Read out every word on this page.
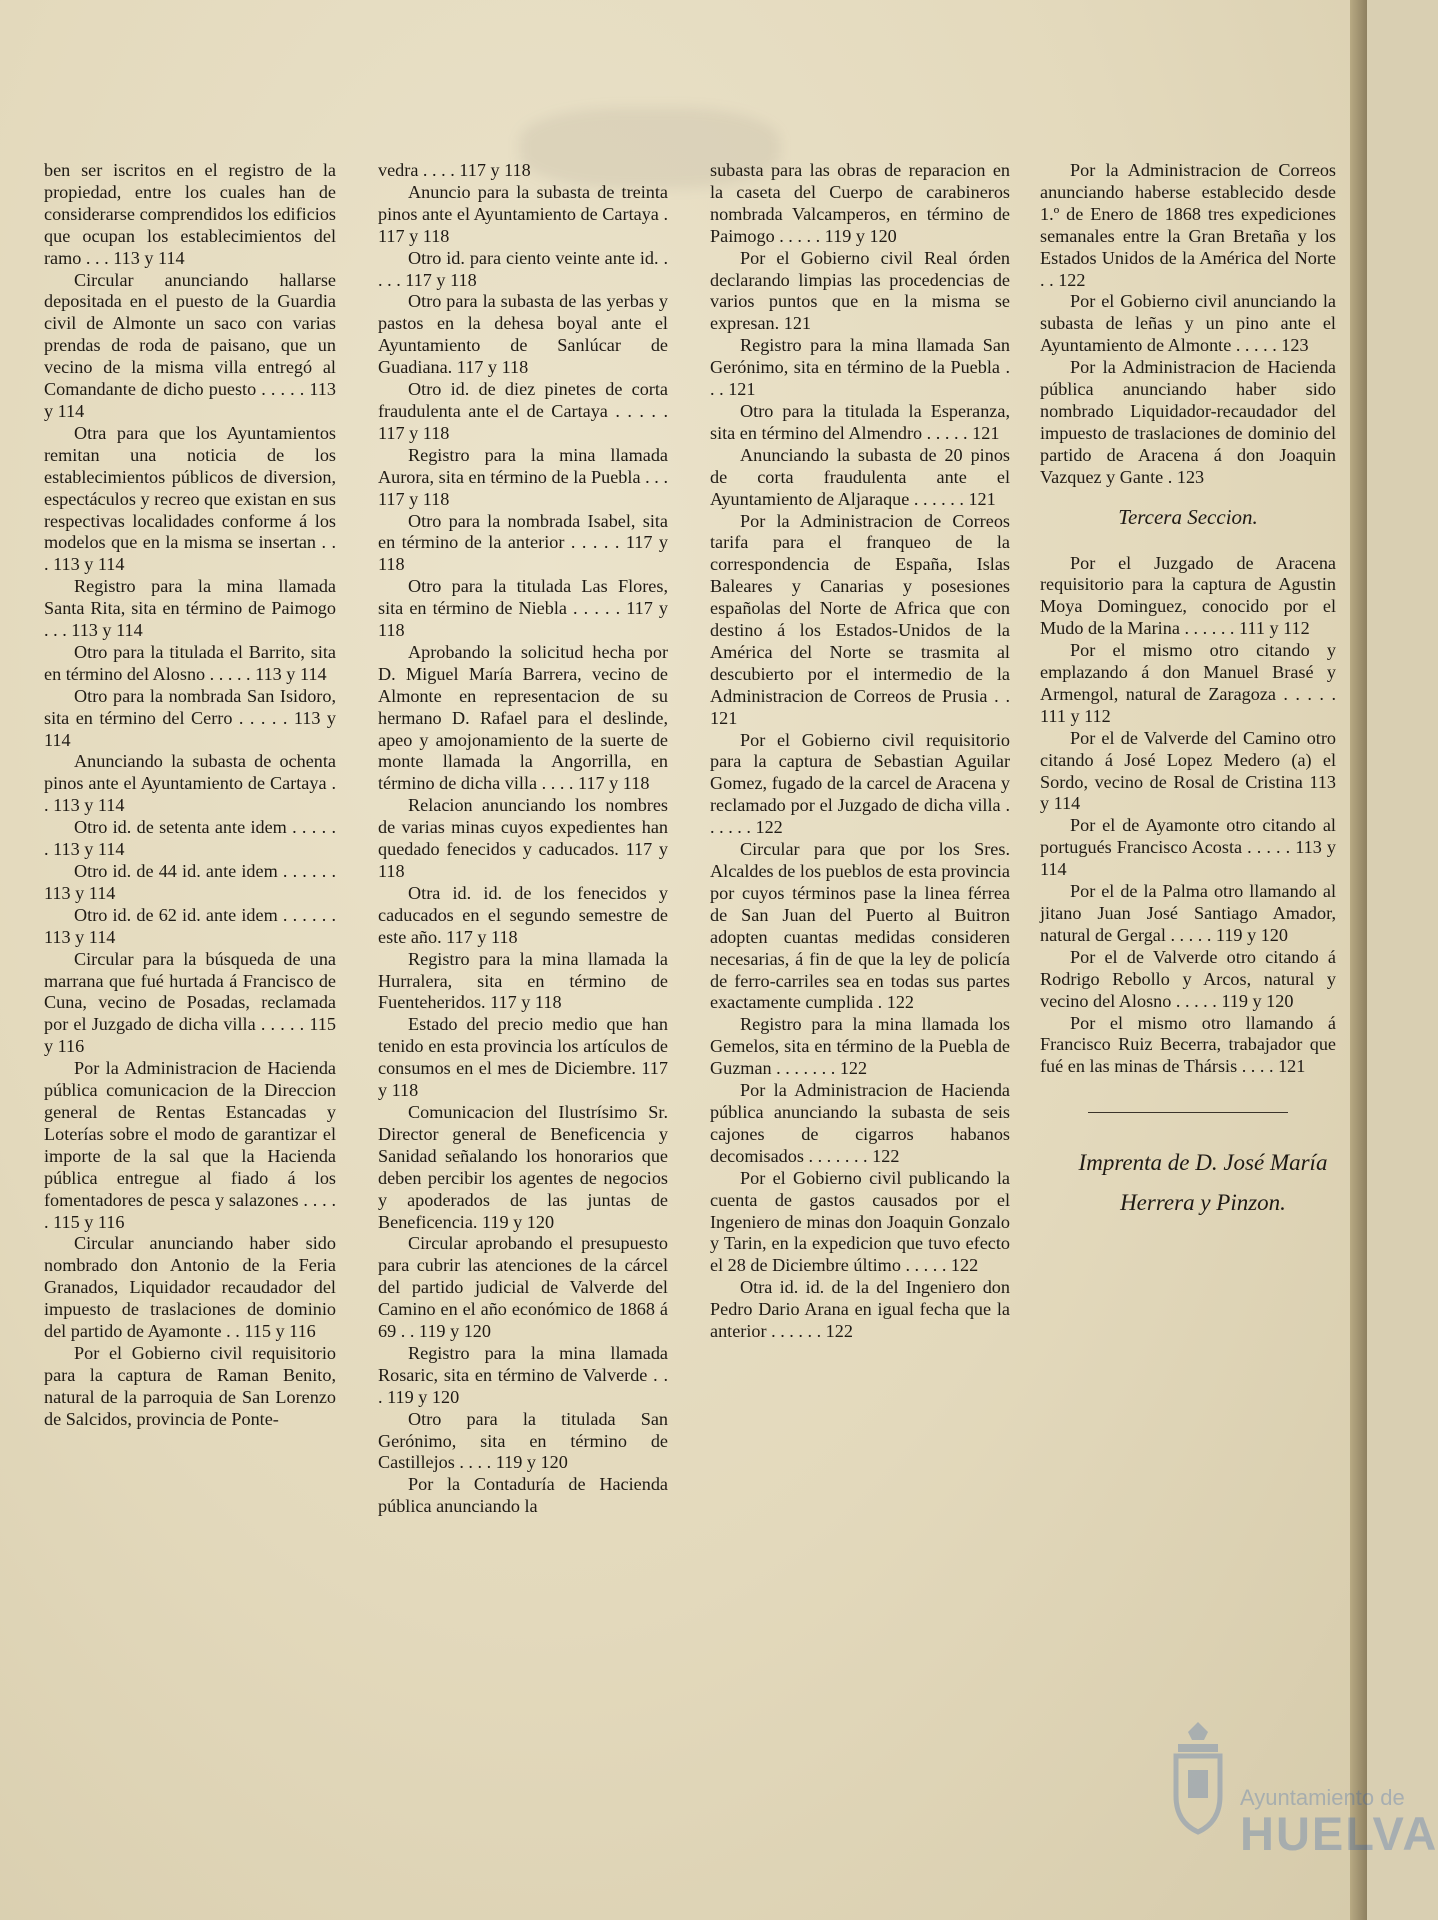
ben ser iscritos en el registro de la propiedad, entre los cuales han de considerarse comprendidos los edificios que ocupan los establecimientos del ramo . . . 113 y 114

Circular anunciando hallarse depositada en el puesto de la Guardia civil de Almonte un saco con varias prendas de roda de paisano, que un vecino de la misma villa entregó al Comandante de dicho puesto . . . . . 113 y 114

Otra para que los Ayuntamientos remitan una noticia de los establecimientos públicos de diversion, espectáculos y recreo que existan en sus respectivas localidades conforme á los modelos que en la misma se insertan . . . 113 y 114

Registro para la mina llamada Santa Rita, sita en término de Paimogo . . . 113 y 114

Otro para la titulada el Barrito, sita en término del Alosno . . . . . 113 y 114

Otro para la nombrada San Isidoro, sita en término del Cerro . . . . . 113 y 114

Anunciando la subasta de ochenta pinos ante el Ayuntamiento de Cartaya . . 113 y 114

Otro id. de setenta ante idem . . . . . . 113 y 114

Otro id. de 44 id. ante idem . . . . . . 113 y 114

Otro id. de 62 id. ante idem . . . . . . 113 y 114

Circular para la búsqueda de una marrana que fué hurtada á Francisco de Cuna, vecino de Posadas, reclamada por el Juzgado de dicha villa . . . . . 115 y 116

Por la Administracion de Hacienda pública comunicacion de la Direccion general de Rentas Estancadas y Loterías sobre el modo de garantizar el importe de la sal que la Hacienda pública entregue al fiado á los fomentadores de pesca y salazones . . . . . 115 y 116

Circular anunciando haber sido nombrado don Antonio de la Feria Granados, Liquidador recaudador del impuesto de traslaciones de dominio del partido de Ayamonte . . 115 y 116

Por el Gobierno civil requisitorio para la captura de Raman Benito, natural de la parroquia de San Lorenzo de Salcidos, provincia de Ponte-

vedra . . . . 117 y 118

Anuncio para la subasta de treinta pinos ante el Ayuntamiento de Cartaya . 117 y 118

Otro id. para ciento veinte ante id. . . . . 117 y 118

Otro para la subasta de las yerbas y pastos en la dehesa boyal ante el Ayuntamiento de Sanlúcar de Guadiana. 117 y 118

Otro id. de diez pinetes de corta fraudulenta ante el de Cartaya . . . . . 117 y 118

Registro para la mina llamada Aurora, sita en término de la Puebla . . . 117 y 118

Otro para la nombrada Isabel, sita en término de la anterior . . . . . 117 y 118

Otro para la titulada Las Flores, sita en término de Niebla . . . . . 117 y 118

Aprobando la solicitud hecha por D. Miguel María Barrera, vecino de Almonte en representacion de su hermano D. Rafael para el deslinde, apeo y amojonamiento de la suerte de monte llamada la Angorrilla, en término de dicha villa . . . . 117 y 118

Relacion anunciando los nombres de varias minas cuyos expedientes han quedado fenecidos y caducados. 117 y 118

Otra id. id. de los fenecidos y caducados en el segundo semestre de este año. 117 y 118

Registro para la mina llamada la Hurralera, sita en término de Fuenteheridos. 117 y 118

Estado del precio medio que han tenido en esta provincia los artículos de consumos en el mes de Diciembre. 117 y 118

Comunicacion del Ilustrísimo Sr. Director general de Beneficencia y Sanidad señalando los honorarios que deben percibir los agentes de negocios y apoderados de las juntas de Beneficencia. 119 y 120

Circular aprobando el presupuesto para cubrir las atenciones de la cárcel del partido judicial de Valverde del Camino en el año económico de 1868 á 69 . . 119 y 120

Registro para la mina llamada Rosaric, sita en término de Valverde . . . 119 y 120

Otro para la titulada San Gerónimo, sita en término de Castillejos . . . . 119 y 120

Por la Contaduría de Hacienda pública anunciando la

subasta para las obras de reparacion en la caseta del Cuerpo de carabineros nombrada Valcamperos, en término de Paimogo . . . . . 119 y 120

Por el Gobierno civil Real órden declarando limpias las procedencias de varios puntos que en la misma se expresan. 121

Registro para la mina llamada San Gerónimo, sita en término de la Puebla . . . 121

Otro para la titulada la Esperanza, sita en término del Almendro . . . . . 121

Anunciando la subasta de 20 pinos de corta fraudulenta ante el Ayuntamiento de Aljaraque . . . . . . 121

Por la Administracion de Correos tarifa para el franqueo de la correspondencia de España, Islas Baleares y Canarias y posesiones españolas del Norte de Africa que con destino á los Estados-Unidos de la América del Norte se trasmita al descubierto por el intermedio de la Administracion de Correos de Prusia . . 121

Por el Gobierno civil requisitorio para la captura de Sebastian Aguilar Gomez, fugado de la carcel de Aracena y reclamado por el Juzgado de dicha villa . . . . . . 122

Circular para que por los Sres. Alcaldes de los pueblos de esta provincia por cuyos términos pase la linea férrea de San Juan del Puerto al Buitron adopten cuantas medidas consideren necesarias, á fin de que la ley de policía de ferro-carriles sea en todas sus partes exactamente cumplida . 122

Registro para la mina llamada los Gemelos, sita en término de la Puebla de Guzman . . . . . . . 122

Por la Administracion de Hacienda pública anunciando la subasta de seis cajones de cigarros habanos decomisados . . . . . . . 122

Por el Gobierno civil publicando la cuenta de gastos causados por el Ingeniero de minas don Joaquin Gonzalo y Tarin, en la expedicion que tuvo efecto el 28 de Diciembre último . . . . . 122

Otra id. id. de la del Ingeniero don Pedro Dario Arana en igual fecha que la anterior . . . . . . 122

Por la Administracion de Correos anunciando haberse establecido desde 1.º de Enero de 1868 tres expediciones semanales entre la Gran Bretaña y los Estados Unidos de la América del Norte . . 122

Por el Gobierno civil anunciando la subasta de leñas y un pino ante el Ayuntamiento de Almonte . . . . . 123

Por la Administracion de Hacienda pública anunciando haber sido nombrado Liquidador-recaudador del impuesto de traslaciones de dominio del partido de Aracena á don Joaquin Vazquez y Gante . 123

Tercera Seccion.

Por el Juzgado de Aracena requisitorio para la captura de Agustin Moya Dominguez, conocido por el Mudo de la Marina . . . . . . 111 y 112

Por el mismo otro citando y emplazando á don Manuel Brasé y Armengol, natural de Zaragoza . . . . . 111 y 112

Por el de Valverde del Camino otro citando á José Lopez Medero (a) el Sordo, vecino de Rosal de Cristina 113 y 114

Por el de Ayamonte otro citando al portugués Francisco Acosta . . . . . 113 y 114

Por el de la Palma otro llamando al jitano Juan José Santiago Amador, natural de Gergal . . . . . 119 y 120

Por el de Valverde otro citando á Rodrigo Rebollo y Arcos, natural y vecino del Alosno . . . . . 119 y 120

Por el mismo otro llamando á Francisco Ruiz Becerra, trabajador que fué en las minas de Thársis . . . . 121

Imprenta de D. José María

Herrera y Pinzon.

Ayuntamiento de
HUELVA
